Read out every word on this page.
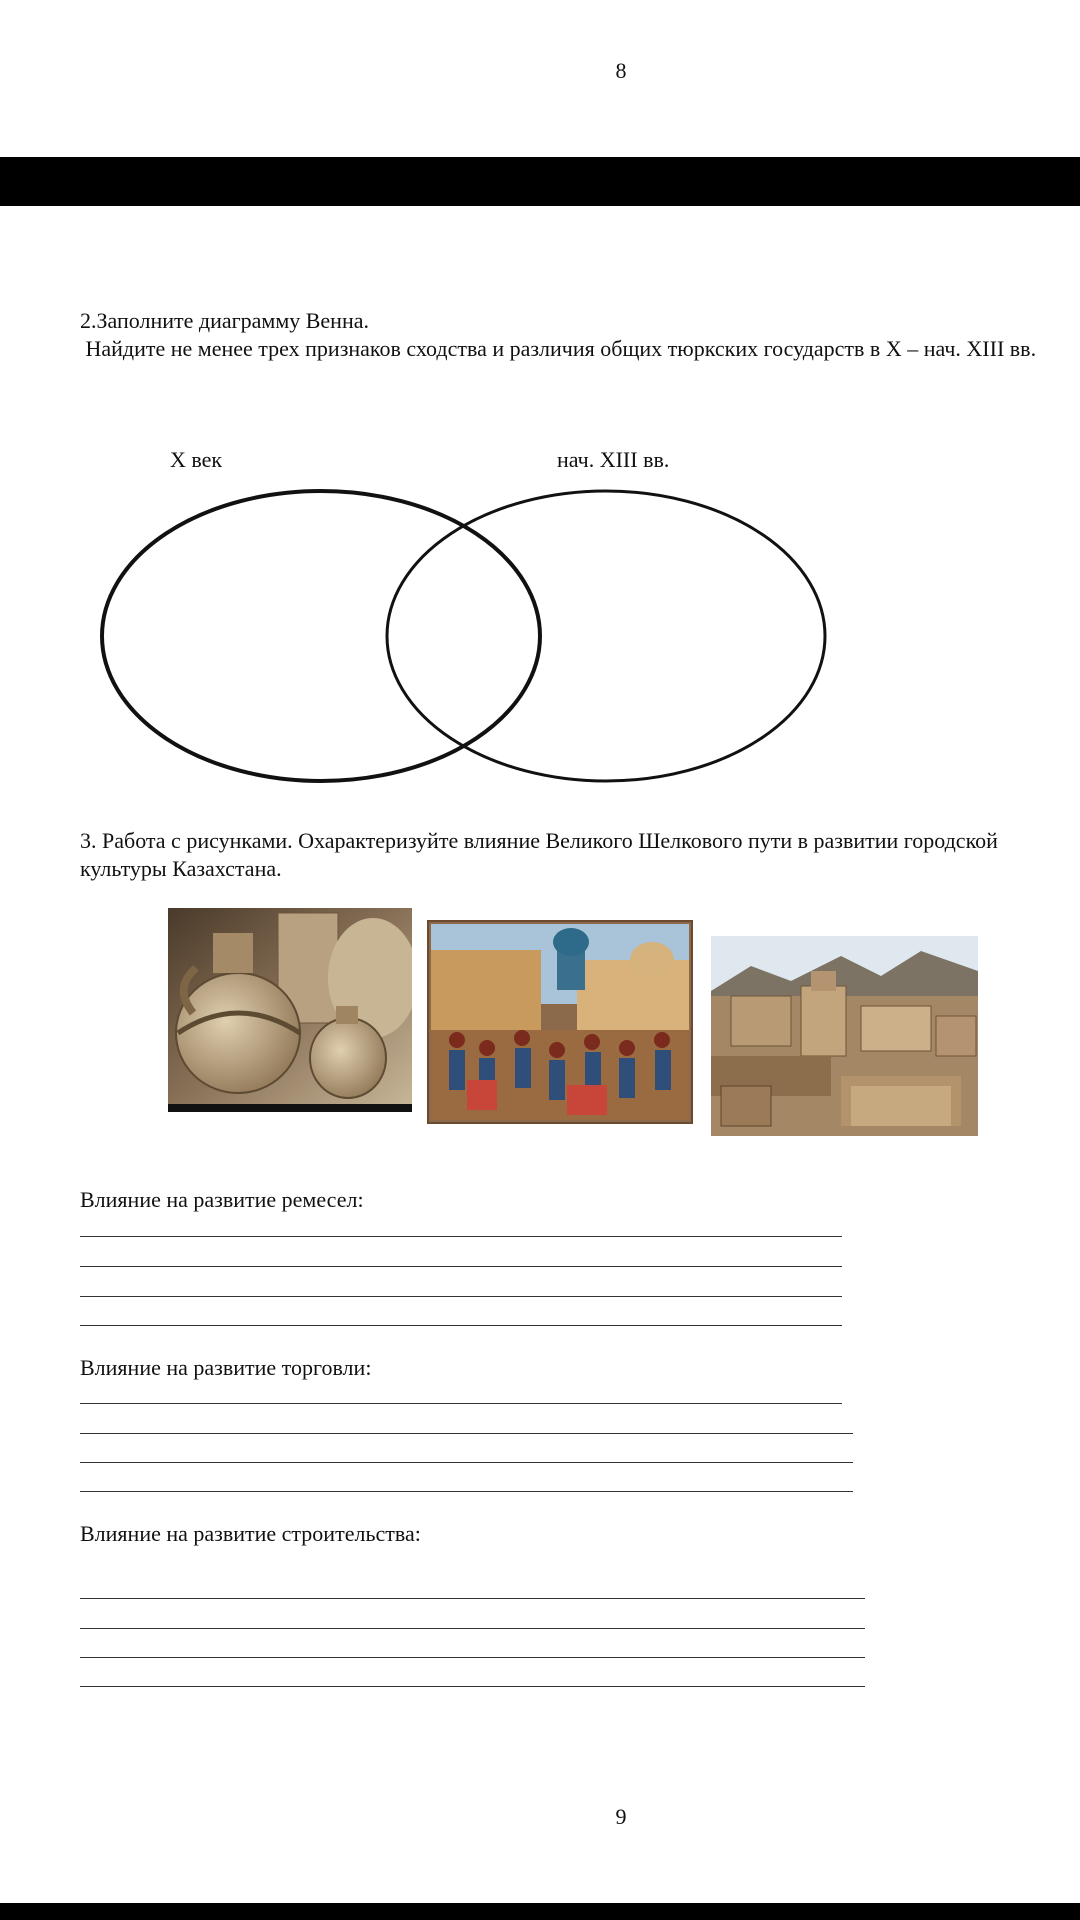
8
2.Заполните диаграмму Венна.
Найдите не менее трех признаков сходства и различия общих тюркских государств в X – нач. XIII вв.
X век	нач. XIII вв.
3. Работа с рисунками. Охарактеризуйте влияние Великого Шелкового пути в развитии городской культуры Казахстана.
Влияние на развитие ремесел:
Влияние на развитие торговли:
Влияние на развитие строительства:
9
